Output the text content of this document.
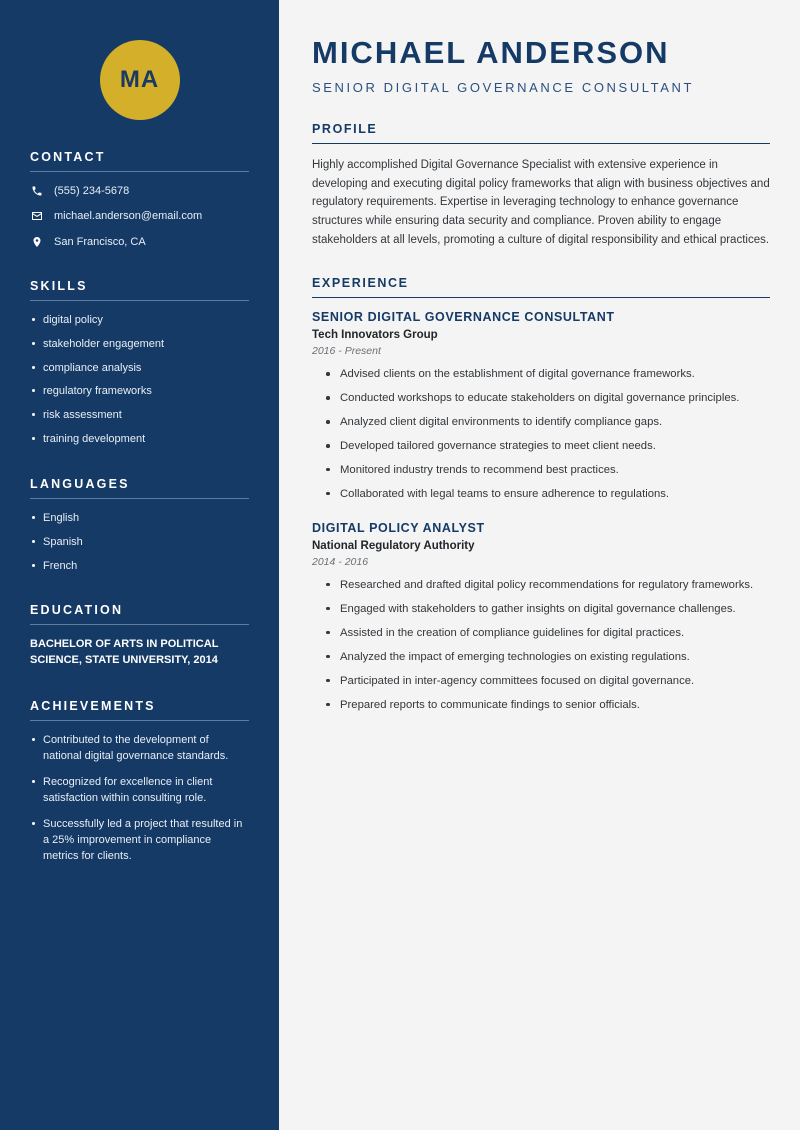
MA
CONTACT
(555) 234-5678
michael.anderson@email.com
San Francisco, CA
SKILLS
digital policy
stakeholder engagement
compliance analysis
regulatory frameworks
risk assessment
training development
LANGUAGES
English
Spanish
French
EDUCATION
BACHELOR OF ARTS IN POLITICAL SCIENCE, STATE UNIVERSITY, 2014
ACHIEVEMENTS
Contributed to the development of national digital governance standards.
Recognized for excellence in client satisfaction within consulting role.
Successfully led a project that resulted in a 25% improvement in compliance metrics for clients.
MICHAEL ANDERSON
SENIOR DIGITAL GOVERNANCE CONSULTANT
PROFILE

Highly accomplished Digital Governance Specialist with extensive experience in developing and executing digital policy frameworks that align with business objectives and regulatory requirements. Expertise in leveraging technology to enhance governance structures while ensuring data security and compliance. Proven ability to engage stakeholders at all levels, promoting a culture of digital responsibility and ethical practices.

EXPERIENCE
SENIOR DIGITAL GOVERNANCE CONSULTANT
Tech Innovators Group
2016 - Present
Advised clients on the establishment of digital governance frameworks.
Conducted workshops to educate stakeholders on digital governance principles.
Analyzed client digital environments to identify compliance gaps.
Developed tailored governance strategies to meet client needs.
Monitored industry trends to recommend best practices.
Collaborated with legal teams to ensure adherence to regulations.
DIGITAL POLICY ANALYST
National Regulatory Authority
2014 - 2016
Researched and drafted digital policy recommendations for regulatory frameworks.
Engaged with stakeholders to gather insights on digital governance challenges.
Assisted in the creation of compliance guidelines for digital practices.
Analyzed the impact of emerging technologies on existing regulations.
Participated in inter-agency committees focused on digital governance.
Prepared reports to communicate findings to senior officials.
